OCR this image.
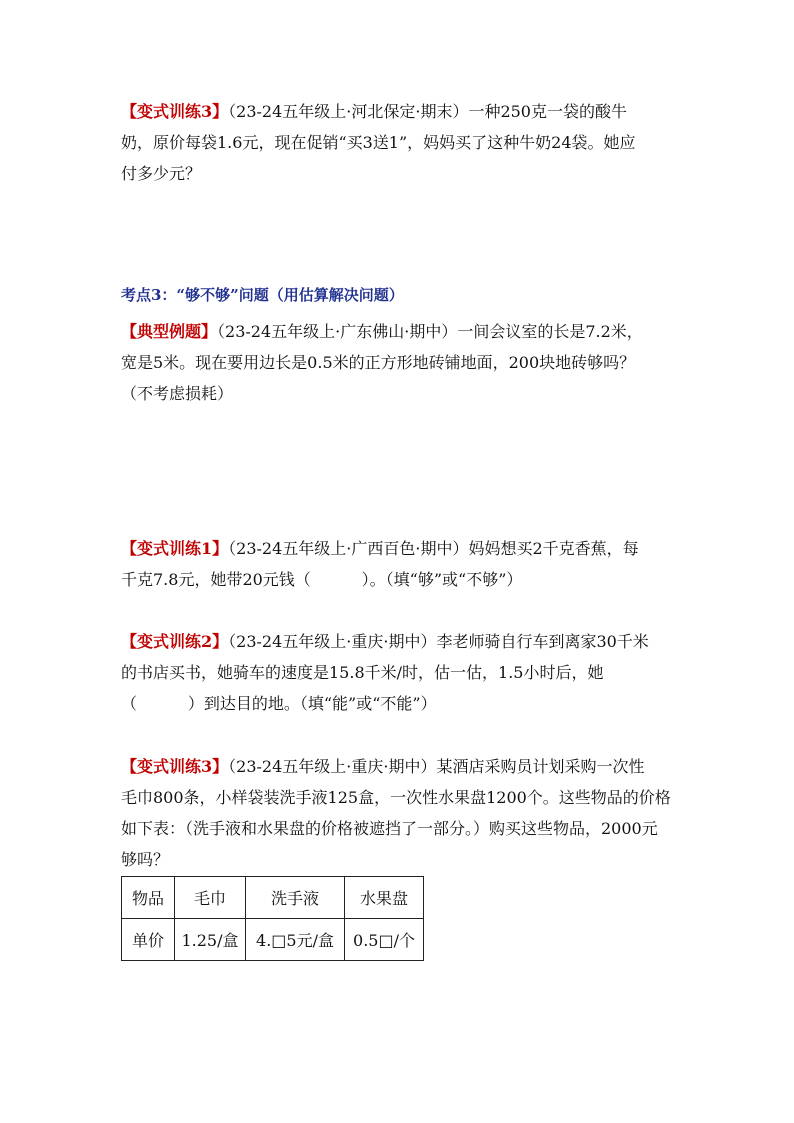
【变式训练3】（23-24五年级上·河北保定·期末）一种250克一袋的酸牛
奶，原价每袋1.6元，现在促销“买3送1”，妈妈买了这种牛奶24袋。她应
付多少元？

考点3：“够不够”问题（用估算解决问题）

【典型例题】（23-24五年级上·广东佛山·期中）一间会议室的长是7.2米，
宽是5米。现在要用边长是0.5米的正方形地砖铺地面，200块地砖够吗？
（不考虑损耗）

【变式训练1】（23-24五年级上·广西百色·期中）妈妈想买2千克香蕉，每
千克7.8元，她带20元钱（          ）。（填“够”或“不够”）

【变式训练2】（23-24五年级上·重庆·期中）李老师骑自行车到离家30千米
的书店买书，她骑车的速度是15.8千米/时，估一估，1.5小时后，她
（          ）到达目的地。（填“能”或“不能”）

【变式训练3】（23-24五年级上·重庆·期中）某酒店采购员计划采购一次性
毛巾800条，小样袋装洗手液125盒，一次性水果盘1200个。这些物品的价格
如下表：（洗手液和水果盘的价格被遮挡了一部分。）购买这些物品，2000元
够吗？

物品	毛巾	洗手液	水果盘
单价	1.25/盒	4.□5元/盒	0.5□/个
